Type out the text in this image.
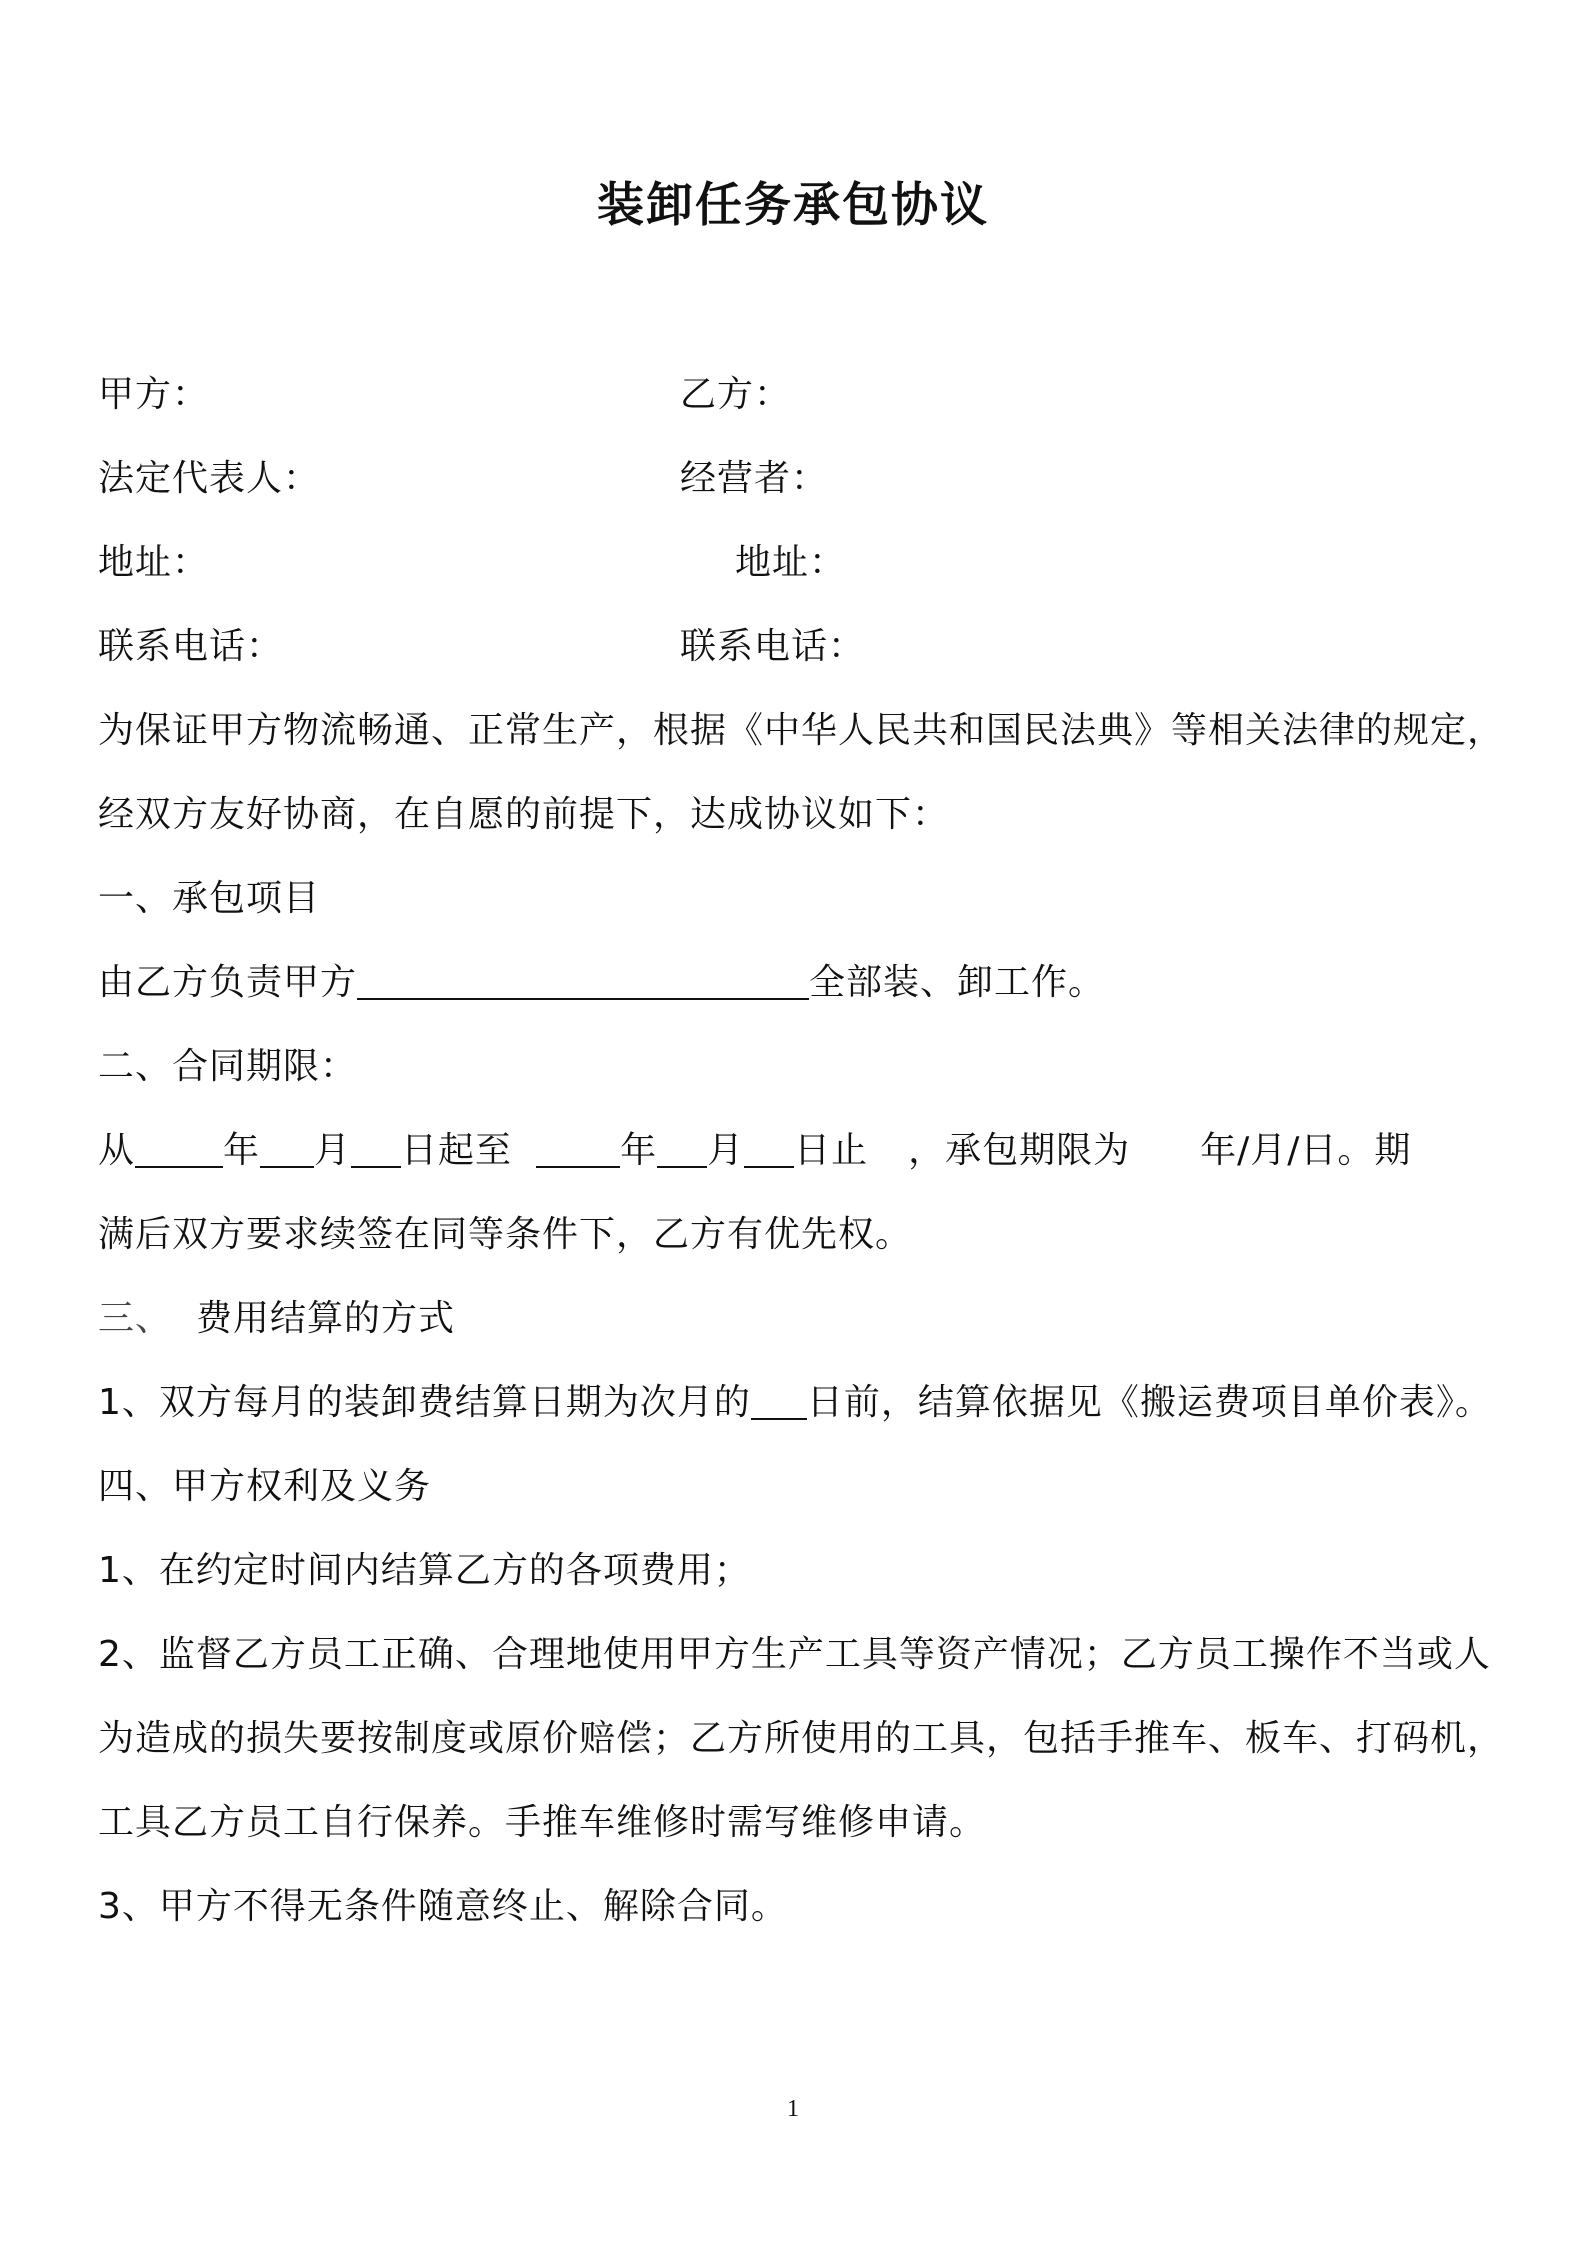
装卸任务承包协议
甲方：	乙方：
法定代表人：	经营者：
地址：	地址：
联系电话：	联系电话：
为保证甲方物流畅通、正常生产，根据《中华人民共和国民法典》等相关法律的规定，
经双方友好协商，在自愿的前提下，达成协议如下：
一、承包项目
由乙方负责甲方	全部装、卸工作。
二、合同期限：
从 年 月 日起至	年 月 日止 ，承包期限为 年/月/日。期
满后双方要求续签在同等条件下，乙方有优先权。
三、 费用结算的方式
1、双方每月的装卸费结算日期为次月的 日前，结算依据见《搬运费项目单价表》。
四、甲方权利及义务
1、在约定时间内结算乙方的各项费用；
2、监督乙方员工正确、合理地使用甲方生产工具等资产情况；乙方员工操作不当或人
为造成的损失要按制度或原价赔偿；乙方所使用的工具，包括手推车、板车、打码机，
工具乙方员工自行保养。手推车维修时需写维修申请。
3、甲方不得无条件随意终止、解除合同。
1
